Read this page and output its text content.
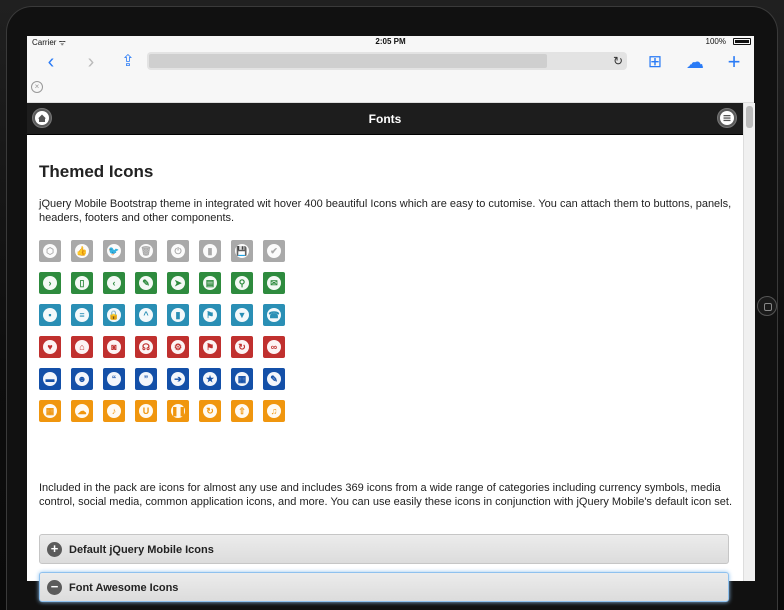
Carrier ᯤ	2:05 PM	100%
‹	›	⇪	↻ ⊞ ☁ +
×
Fonts
Themed Icons
jQuery Mobile Bootstrap theme in integrated wit hover 400 beautiful Icons which are easy to cutomise. You can attach them to buttons, panels, headers, footers and other components.
⬡	👍 🐦 🗑	⏻	▮	💾	✔
›	▯	‹	✎	➤	▤	⚲	✉
▪	≡	🔒	^	▮	⚑	▼ ☎
♥	⌂	◙	☊	⚙	⚑	↻	∞
▬	☻	“	”	➔	★	▦	✎
▦	☁	♪	U	❚❚	↻	⇧	♫
Included in the pack are icons for almost any use and includes 369 icons from a wide range of categories including currency symbols, media control, social media, common application icons, and more. You can use easily these icons in conjunction with jQuery Mobile's default icon set.
+ Default jQuery Mobile Icons
− Font Awesome Icons
